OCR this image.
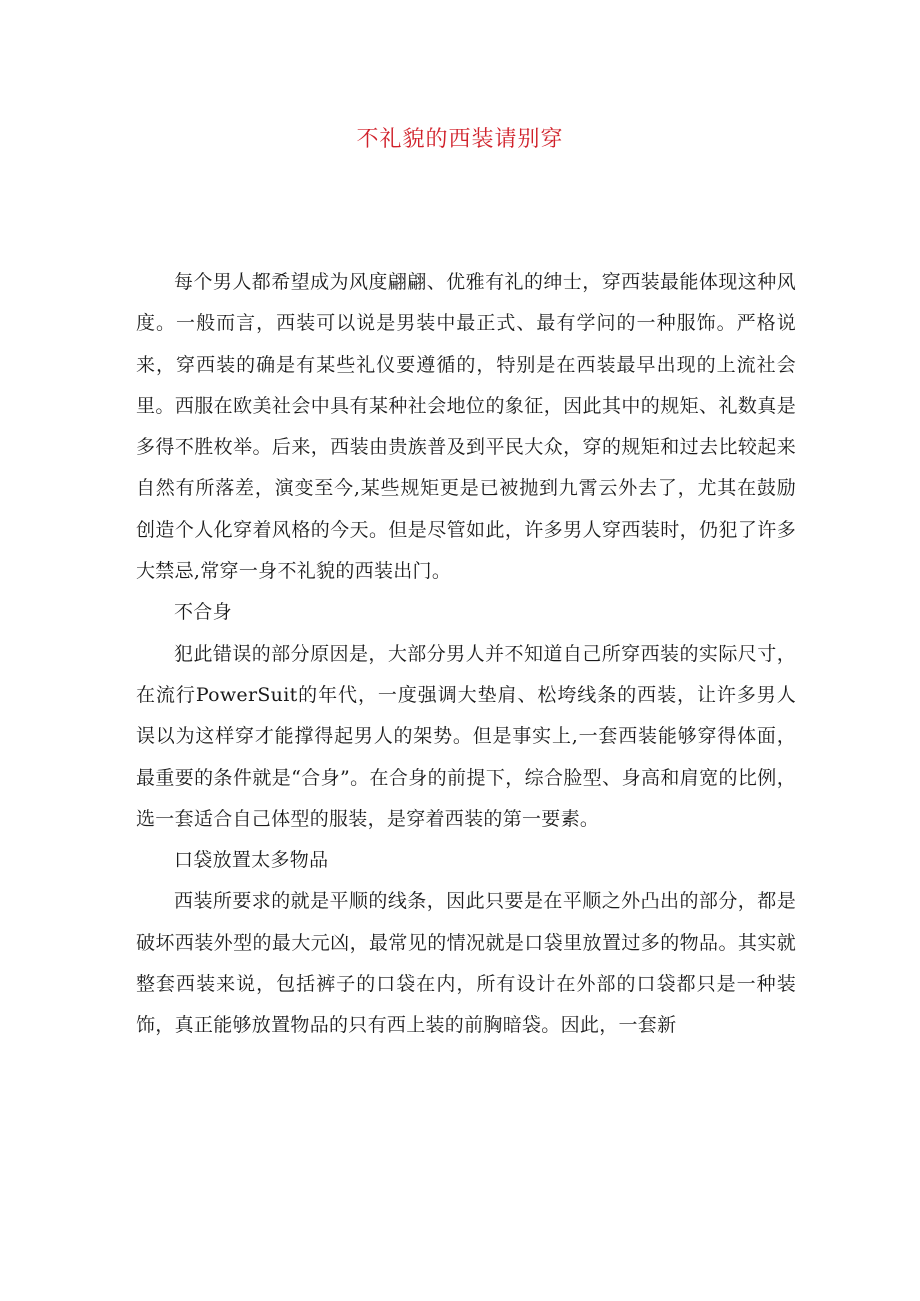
不礼貌的西装请别穿

每个男人都希望成为风度翩翩、优雅有礼的绅士，穿西装最能体现这种风度。一般而言，西装可以说是男装中最正式、最有学问的一种服饰。严格说来，穿西装的确是有某些礼仪要遵循的，特别是在西装最早出现的上流社会里。西服在欧美社会中具有某种社会地位的象征，因此其中的规矩、礼数真是多得不胜枚举。后来，西装由贵族普及到平民大众，穿的规矩和过去比较起来自然有所落差，演变至今,某些规矩更是已被抛到九霄云外去了，尤其在鼓励创造个人化穿着风格的今天。但是尽管如此，许多男人穿西装时，仍犯了许多大禁忌,常穿一身不礼貌的西装出门。

不合身

犯此错误的部分原因是，大部分男人并不知道自己所穿西装的实际尺寸，在流行PowerSuit的年代，一度强调大垫肩、松垮线条的西装，让许多男人误以为这样穿才能撑得起男人的架势。但是事实上,一套西装能够穿得体面，最重要的条件就是“合身”。在合身的前提下，综合脸型、身高和肩宽的比例，选一套适合自己体型的服装，是穿着西装的第一要素。

口袋放置太多物品

西装所要求的就是平顺的线条，因此只要是在平顺之外凸出的部分，都是破坏西装外型的最大元凶，最常见的情况就是口袋里放置过多的物品。其实就整套西装来说，包括裤子的口袋在内，所有设计在外部的口袋都只是一种装饰，真正能够放置物品的只有西上装的前胸暗袋。因此，一套新
